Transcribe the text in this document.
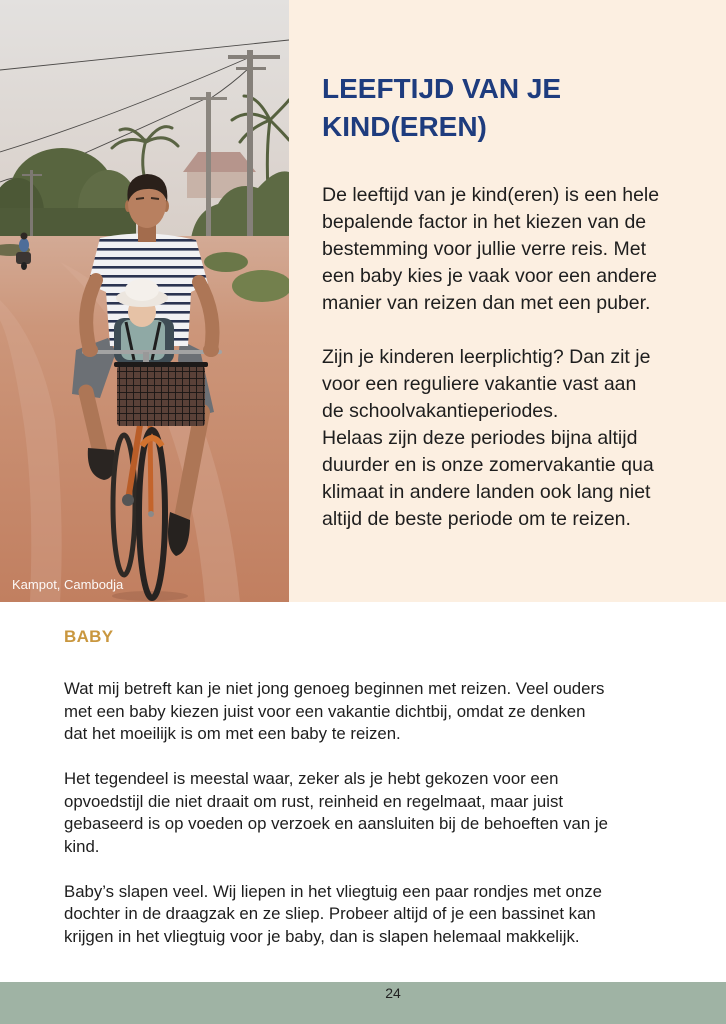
Kampot, Cambodja
LEEFTIJD VAN JE
KIND(EREN)
De leeftijd van je kind(eren) is een hele
bepalende factor in het kiezen van de
bestemming voor jullie verre reis. Met
een baby kies je vaak voor een andere
manier van reizen dan met een puber.
Zijn je kinderen leerplichtig? Dan zit je
voor een reguliere vakantie vast aan
de schoolvakantieperiodes.
Helaas zijn deze periodes bijna altijd
duurder en is onze zomervakantie qua
klimaat in andere landen ook lang niet
altijd de beste periode om te reizen.
BABY
Wat mij betreft kan je niet jong genoeg beginnen met reizen. Veel ouders
met een baby kiezen juist voor een vakantie dichtbij, omdat ze denken
dat het moeilijk is om met een baby te reizen.
Het tegendeel is meestal waar, zeker als je hebt gekozen voor een
opvoedstijl die niet draait om rust, reinheid en regelmaat, maar juist
gebaseerd is op voeden op verzoek en aansluiten bij de behoeften van je
kind.
Baby’s slapen veel. Wij liepen in het vliegtuig een paar rondjes met onze
dochter in de draagzak en ze sliep. Probeer altijd of je een bassinet kan
krijgen in het vliegtuig voor je baby, dan is slapen helemaal makkelijk.
24
